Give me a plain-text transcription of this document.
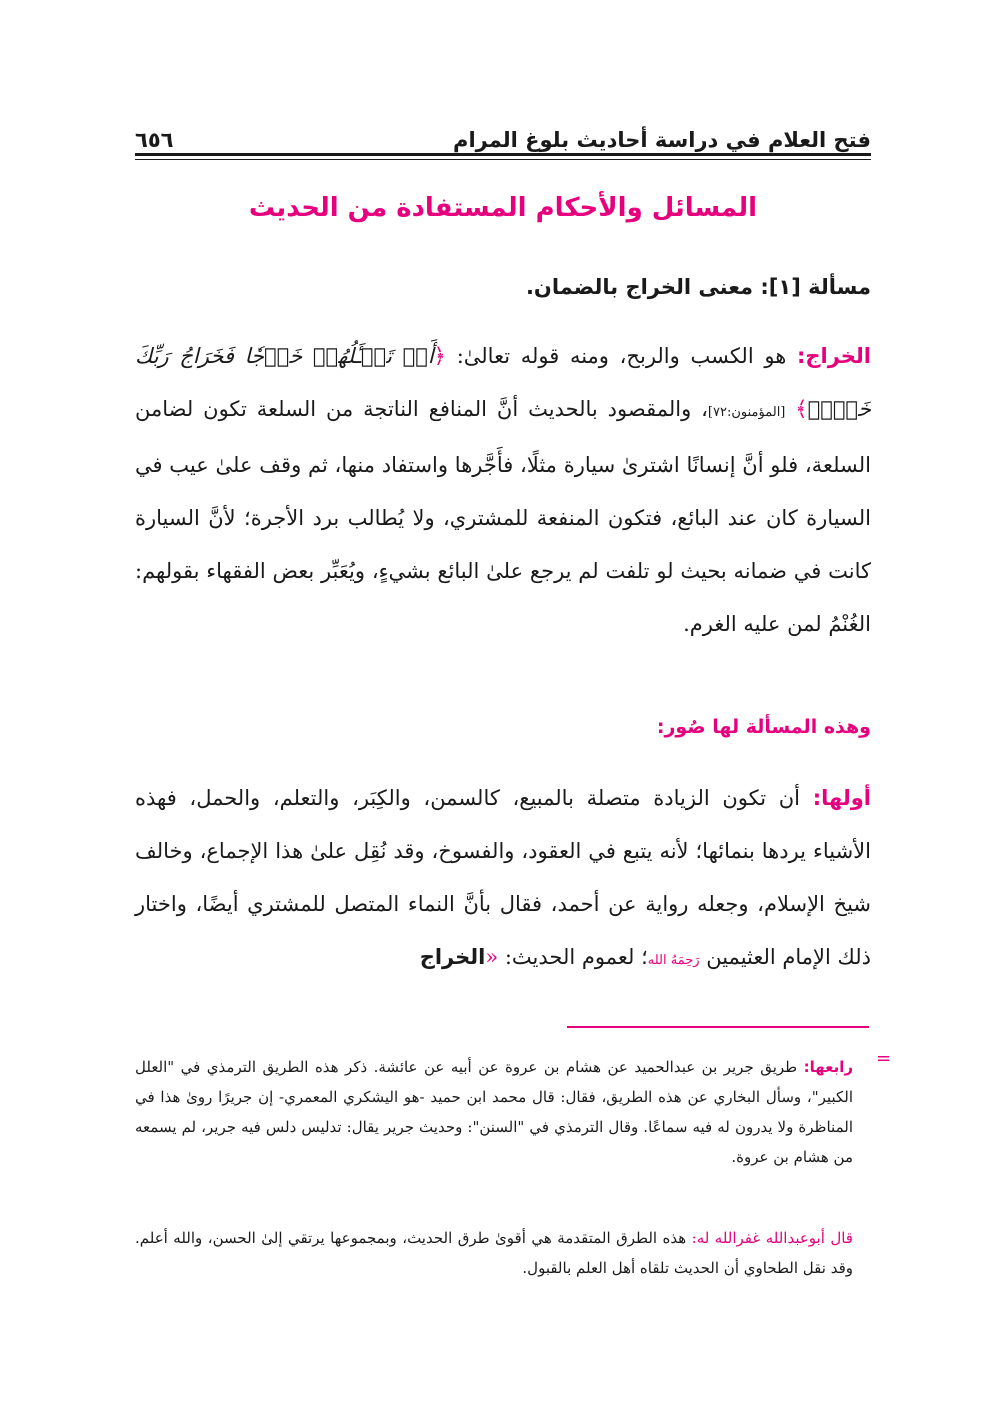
فتح العلام في دراسة أحاديث بلوغ المرام
٦٥٦
المسائل والأحكام المستفادة من الحديث
مسألة [١]: معنى الخراج بالضمان.
الخراج: هو الكسب والربح، ومنه قوله تعالىٰ: ﴿أَمۡ تَسۡـَٔلُهُمۡ خَرۡجٗا فَخَرَاجُ رَبِّكَ خَيۡرٞ﴾ [المؤمنون:٧٢]، والمقصود بالحديث أنَّ المنافع الناتجة من السلعة تكون لضامن السلعة، فلو أنَّ إنسانًا اشترىٰ سيارة مثلًا، فأَجَّرها واستفاد منها، ثم وقف علىٰ عيب في السيارة كان عند البائع، فتكون المنفعة للمشتري، ولا يُطالب برد الأجرة؛ لأنَّ السيارة كانت في ضمانه بحيث لو تلفت لم يرجع علىٰ البائع بشيءٍ، ويُعَبِّر بعض الفقهاء بقولهم: الغُنْمُ لمن عليه الغرم.
وهذه المسألة لها صُور:
أولها: أن تكون الزيادة متصلة بالمبيع، كالسمن، والكِبَر، والتعلم، والحمل، فهذه الأشياء يردها بنمائها؛ لأنه يتبع في العقود، والفسوخ، وقد نُقِل علىٰ هذا الإجماع، وخالف شيخ الإسلام، وجعله رواية عن أحمد، فقال بأنَّ النماء المتصل للمشتري أيضًا، واختار ذلك الإمام العثيمين رَحِمَهُ الله؛ لعموم الحديث: «الخراج
=
رابعها: طريق جرير بن عبدالحميد عن هشام بن عروة عن أبيه عن عائشة. ذكر هذه الطريق الترمذي في "العلل الكبير"، وسأل البخاري عن هذه الطريق، فقال: قال محمد ابن حميد -هو اليشكري المعمري- إن جريرًا روىٰ هذا في المناظرة ولا يدرون له فيه سماعًا. وقال الترمذي في "السنن": وحديث جرير يقال: تدليس دلس فيه جرير، لم يسمعه من هشام بن عروة.
قال أبوعبدالله غفرالله له: هذه الطرق المتقدمة هي أقوىٰ طرق الحديث، وبمجموعها يرتقي إلىٰ الحسن، والله أعلم. وقد نقل الطحاوي أن الحديث تلقاه أهل العلم بالقبول.
